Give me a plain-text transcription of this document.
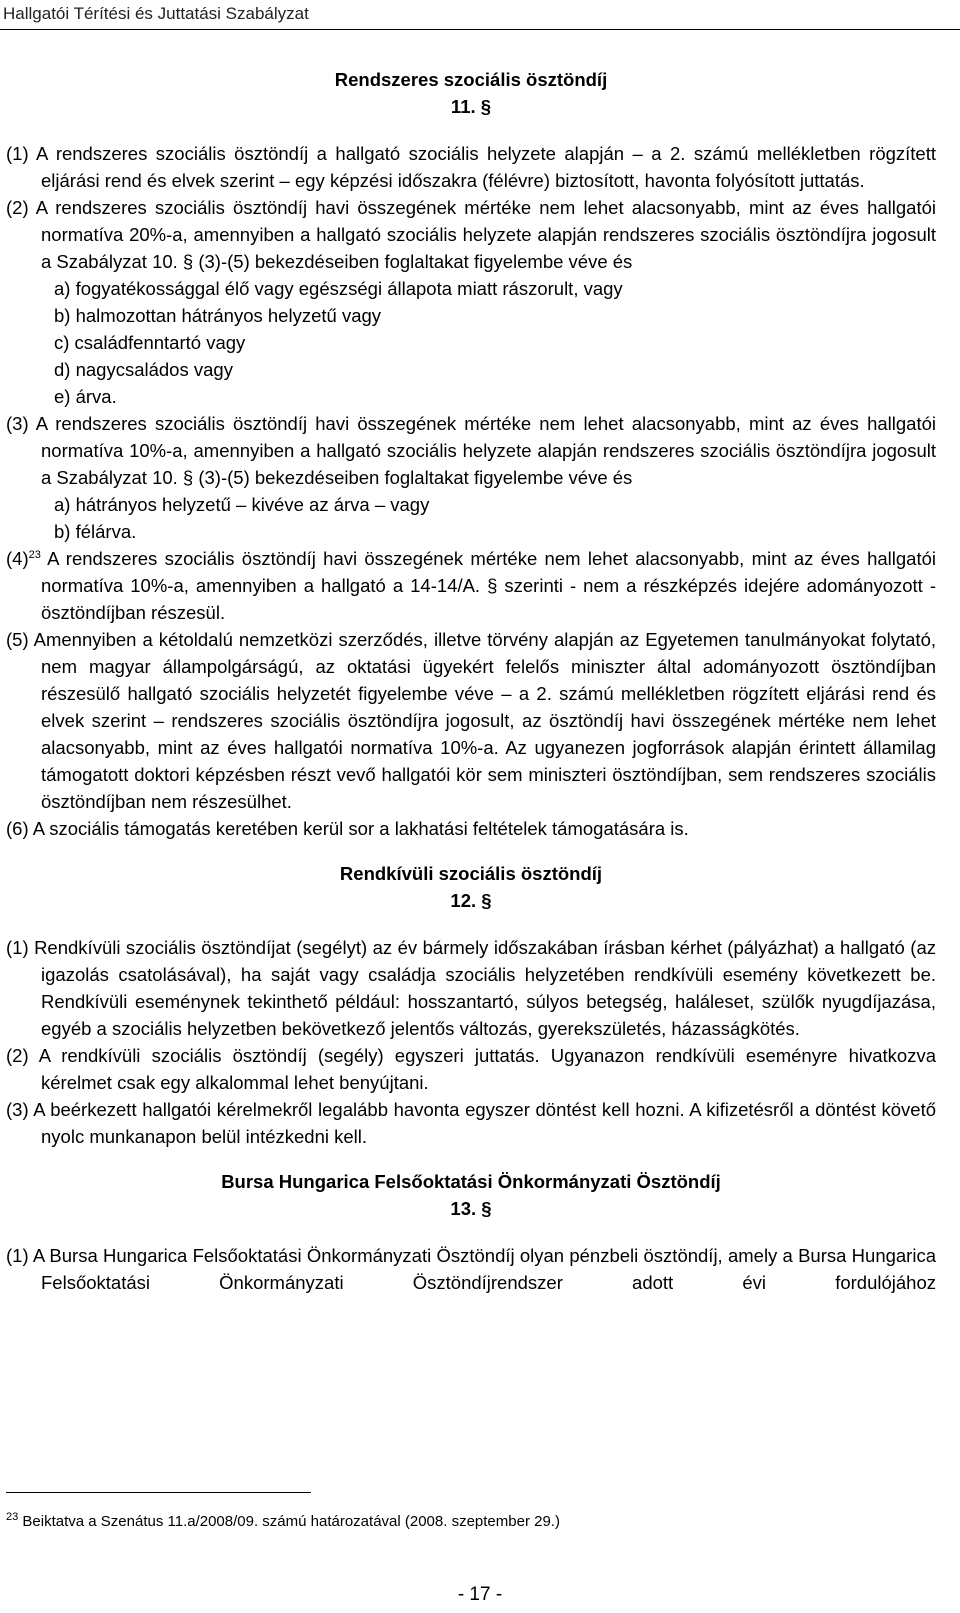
Hallgatói Térítési és Juttatási Szabályzat
Rendszeres szociális ösztöndíj
11. §
(1) A rendszeres szociális ösztöndíj a hallgató szociális helyzete alapján – a 2. számú mellékletben rögzített eljárási rend és elvek szerint – egy képzési időszakra (félévre) biztosított, havonta folyósított juttatás.
(2) A rendszeres szociális ösztöndíj havi összegének mértéke nem lehet alacsonyabb, mint az éves hallgatói normatíva 20%-a, amennyiben a hallgató szociális helyzete alapján rendszeres szociális ösztöndíjra jogosult a Szabályzat 10. § (3)-(5) bekezdéseiben foglaltakat figyelembe véve és
a) fogyatékossággal élő vagy egészségi állapota miatt rászorult, vagy
b) halmozottan hátrányos helyzetű vagy
c) családfenntartó vagy
d) nagycsaládos vagy
e) árva.
(3) A rendszeres szociális ösztöndíj havi összegének mértéke nem lehet alacsonyabb, mint az éves hallgatói normatíva 10%-a, amennyiben a hallgató szociális helyzete alapján rendszeres szociális ösztöndíjra jogosult a Szabályzat 10. § (3)-(5) bekezdéseiben foglaltakat figyelembe véve és
a) hátrányos helyzetű – kivéve az árva – vagy
b) félárva.
$(4)^{23}$ A rendszeres szociális ösztöndíj havi összegének mértéke nem lehet alacsonyabb, mint az éves hallgatói normatíva 10%-a, amennyiben a hallgató a 14-14/A. § szerinti - nem a részképzés idejére adományozott - ösztöndíjban részesül.
(5) Amennyiben a kétoldalú nemzetközi szerződés, illetve törvény alapján az Egyetemen tanulmányokat folytató, nem magyar állampolgárságú, az oktatási ügyekért felelős miniszter által adományozott ösztöndíjban részesülő hallgató szociális helyzetét figyelembe véve – a 2. számú mellékletben rögzített eljárási rend és elvek szerint – rendszeres szociális ösztöndíjra jogosult, az ösztöndíj havi összegének mértéke nem lehet alacsonyabb, mint az éves hallgatói normatíva 10%-a. Az ugyanezen jogforrások alapján érintett államilag támogatott doktori képzésben részt vevő hallgatói kör sem miniszteri ösztöndíjban, sem rendszeres szociális ösztöndíjban nem részesülhet.
(6) A szociális támogatás keretében kerül sor a lakhatási feltételek támogatására is.
Rendkívüli szociális ösztöndíj
12. §
(1) Rendkívüli szociális ösztöndíjat (segélyt) az év bármely időszakában írásban kérhet (pályázhat) a hallgató (az igazolás csatolásával), ha saját vagy családja szociális helyzetében rendkívüli esemény következett be. Rendkívüli eseménynek tekinthető például: hosszantartó, súlyos betegség, haláleset, szülők nyugdíjazása, egyéb a szociális helyzetben bekövetkező jelentős változás, gyerekszületés, házasságkötés.
(2) A rendkívüli szociális ösztöndíj (segély) egyszeri juttatás. Ugyanazon rendkívüli eseményre hivatkozva kérelmet csak egy alkalommal lehet benyújtani.
(3) A beérkezett hallgatói kérelmekről legalább havonta egyszer döntést kell hozni. A kifizetésről a döntést követő nyolc munkanapon belül intézkedni kell.
Bursa Hungarica Felsőoktatási Önkormányzati Ösztöndíj
13. §
(1) A Bursa Hungarica Felsőoktatási Önkormányzati Ösztöndíj olyan pénzbeli ösztöndíj, amely a Bursa Hungarica Felsőoktatási Önkormányzati Ösztöndíjrendszer adott évi fordulójához
$^{23}$ Beiktatva a Szenátus 11.a/2008/09. számú határozatával (2008. szeptember 29.)
- 17 -
